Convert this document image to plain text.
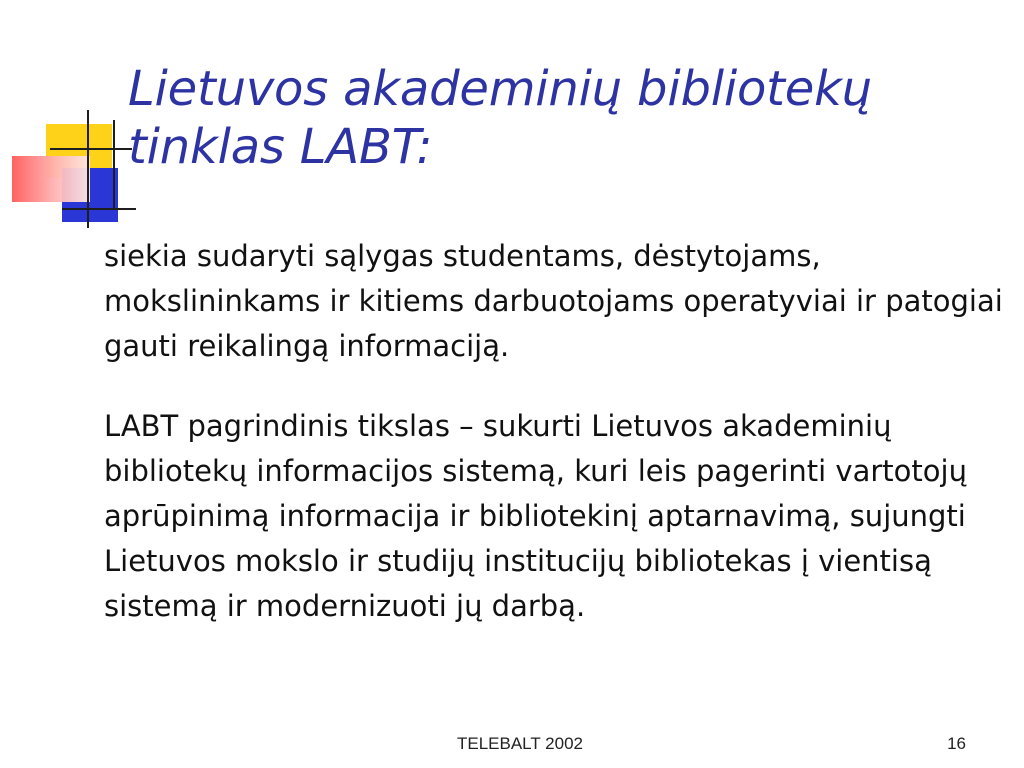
Lietuvos akademinių bibliotekų tinklas LABT:
siekia sudaryti sąlygas studentams, dėstytojams, mokslininkams ir kitiems darbuotojams operatyviai ir patogiai gauti reikalingą informaciją.
LABT pagrindinis tikslas – sukurti Lietuvos akademinių bibliotekų informacijos sistemą, kuri leis pagerinti vartotojų aprūpinimą informacija ir bibliotekinį aptarnavimą, sujungti Lietuvos mokslo ir studijų institucijų bibliotekas į vientisą sistemą ir modernizuoti jų darbą.
TELEBALT 2002	16
